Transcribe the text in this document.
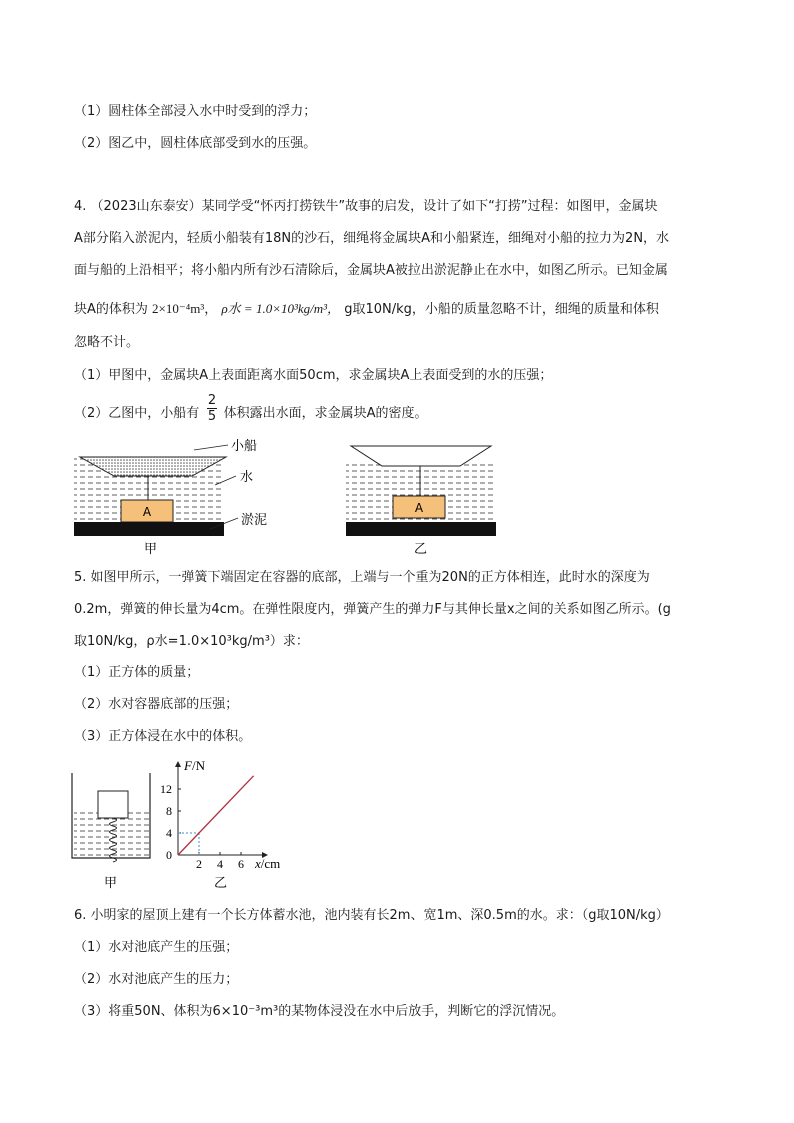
（1）圆柱体全部浸入水中时受到的浮力；
（2）图乙中，圆柱体底部受到水的压强。
4. （2023山东泰安）某同学受“怀丙打捞铁牛”故事的启发，设计了如下“打捞”过程：如图甲，金属块
A部分陷入淤泥内，轻质小船装有18N的沙石，细绳将金属块A和小船紧连，细绳对小船的拉力为2N，水
面与船的上沿相平；将小船内所有沙石清除后，金属块A被拉出淤泥静止在水中，如图乙所示。已知金属
块A的体积为 2×10⁻⁴m³， ρ水 = 1.0×10³kg/m³， g取10N/kg，小船的质量忽略不计，细绳的质量和体积
忽略不计。
（1）甲图中，金属块A上表面距离水面50cm，求金属块A上表面受到的水的压强；
（2）乙图中，小船有 体积露出水面，求金属块A的密度。
2
5
A
小船
水
淤泥
甲
A
乙
5. 如图甲所示，一弹簧下端固定在容器的底部，上端与一个重为20N的正方体相连，此时水的深度为
0.2m，弹簧的伸长量为4cm。在弹性限度内，弹簧产生的弹力F与其伸长量x之间的关系如图乙所示。(g
取10N/kg，ρ水=1.0×10³kg/m³）求：
（1）正方体的质量；
（2）水对容器底部的压强；
（3）正方体浸在水中的体积。
甲
2 4 6
0
4
8
12
F/N
x/cm
乙
6. 小明家的屋顶上建有一个长方体蓄水池，池内装有长2m、宽1m、深0.5m的水。求：（g取10N/kg）
（1）水对池底产生的压强；
（2）水对池底产生的压力；
（3）将重50N、体积为6×10⁻³m³的某物体浸没在水中后放手，判断它的浮沉情况。
